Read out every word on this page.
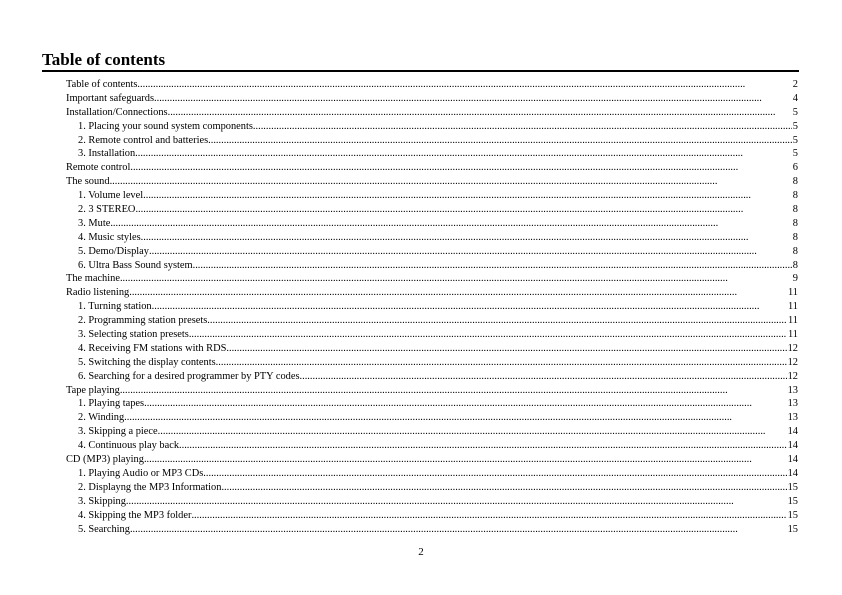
Table of contents
Table of contents .....	2
Important safeguards .....	4
Installation/Connections .....	5
1. Placing your sound system components .....	5
2. Remote control and batteries .....	5
3. Installation .....	5
Remote control .....	6
The sound .....	8
1. Volume level .....	8
2. 3 STEREO .....	8
3. Mute .....	8
4. Music styles .....	8
5. Demo/Display .....	8
6. Ultra Bass Sound system .....	8
The machine .....	9
Radio listening .....	11
1. Turning station .....	11
2. Programming station presets .....	11
3. Selecting station presets .....	11
4. Receiving FM stations with RDS .....	12
5. Switching the display contents .....	12
6. Searching for a desired programmer by PTY codes .....	12
Tape playing .....	13
1. Playing tapes .....	13
2. Winding .....	13
3. Skipping a piece .....	14
4. Continuous play back .....	14
CD (MP3) playing .....	14
1. Playing Audio or MP3 CDs .....	14
2. Displayng the MP3 Information .....	15
3. Skipping .....	15
4. Skipping the MP3 folder .....	15
5. Searching .....	15
2
